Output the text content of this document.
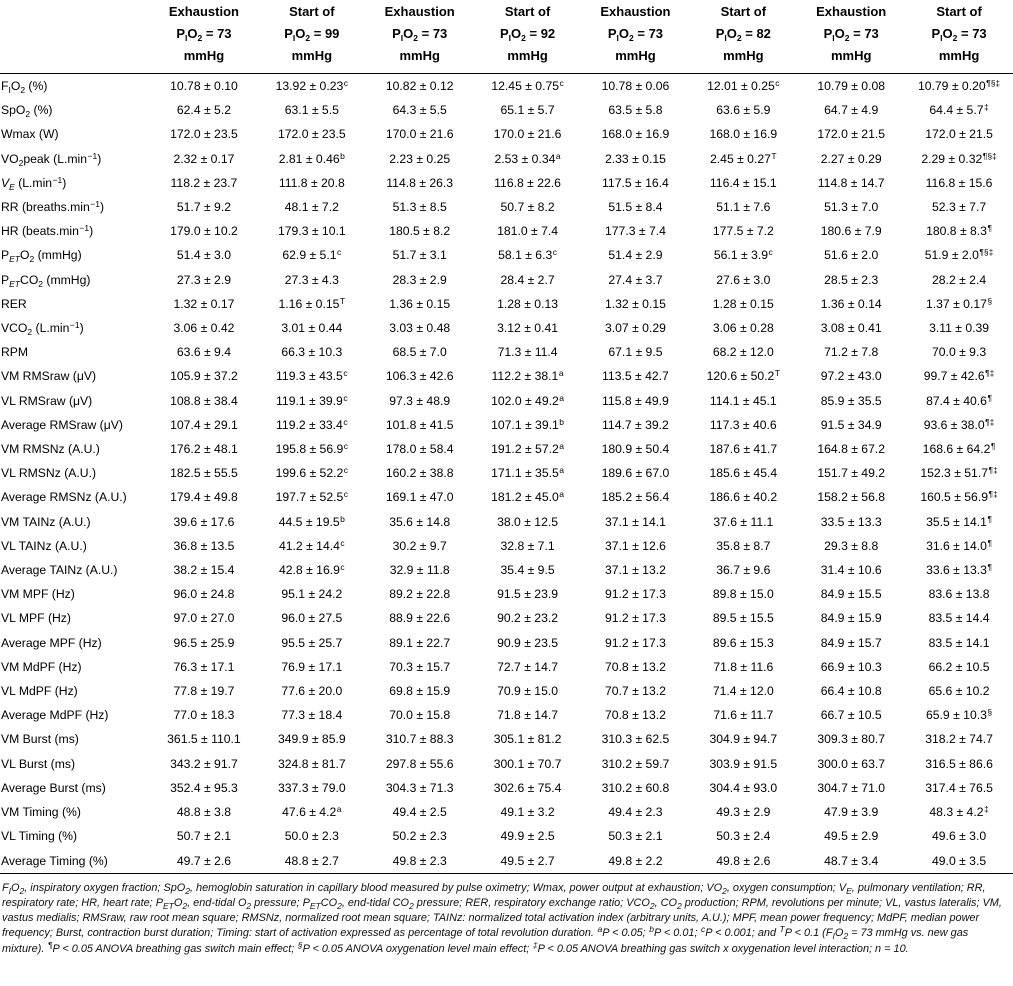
	Exhaustion
$P_IO_2 = 73$
mmHg	Start of
$P_IO_2 = 99$
mmHg	Exhaustion
$P_IO_2 = 73$
mmHg	Start of
$P_IO_2 = 92$
mmHg	Exhaustion
$P_IO_2 = 73$
mmHg	Start of
$P_IO_2 = 82$
mmHg	Exhaustion
$P_IO_2 = 73$
mmHg	Start of
$P_IO_2 = 73$
mmHg

$F_IO_2$ (%)	10.78 ± 0.10	13.92 ± 0.23$^c$	10.82 ± 0.12	12.45 ± 0.75$^c$	10.78 ± 0.06	12.01 ± 0.25$^c$	10.79 ± 0.08	10.79 ± 0.20¶§‡
SpO$_2$ (%)	62.4 ± 5.2	63.1 ± 5.5	64.3 ± 5.5	65.1 ± 5.7	63.5 ± 5.8	63.6 ± 5.9	64.7 ± 4.9	64.4 ± 5.7‡
Wmax (W)	172.0 ± 23.5	172.0 ± 23.5	170.0 ± 21.6	170.0 ± 21.6	168.0 ± 16.9	168.0 ± 16.9	172.0 ± 21.5	172.0 ± 21.5
$VO_2peak$ $(L.\min^{-1})$	2.32 ± 0.17	2.81 ± 0.46$^b$	2.23 ± 0.25	2.53 ± 0.34$^a$	2.33 ± 0.15	$2.45 \pm 0.27^T$	2.27 ± 0.29	2.29 ± 0.32¶§‡
$V_E$ $(L.\min^{-1})$	118.2 ± 23.7	111.8 ± 20.8	114.8 ± 26.3	116.8 ± 22.6	117.5 ± 16.4	116.4 ± 15.1	114.8 ± 14.7	116.8 ± 15.6
RR $(breaths.\min^{-1})$	51.7 ± 9.2	48.1 ± 7.2	51.3 ± 8.5	50.7 ± 8.2	51.5 ± 8.4	51.1 ± 7.6	51.3 ± 7.0	52.3 ± 7.7
HR $(beats.\min^{-1})$	179.0 ± 10.2	179.3 ± 10.1	180.5 ± 8.2	181.0 ± 7.4	177.3 ± 7.4	177.5 ± 7.2	180.6 ± 7.9	180.8 ± 8.3¶
$P_{ET}O_2$ (mmHg)	51.4 ± 3.0	62.9 ± 5.1$^c$	51.7 ± 3.1	58.1 ± 6.3$^c$	51.4 ± 2.9	56.1 ± 3.9$^c$	51.6 ± 2.0	51.9 ± 2.0¶§‡
$P_{ET}CO_2$ (mmHg)	27.3 ± 2.9	27.3 ± 4.3	28.3 ± 2.9	28.4 ± 2.7	27.4 ± 3.7	27.6 ± 3.0	28.5 ± 2.3	28.2 ± 2.4
RER	1.32 ± 0.17	$1.16 \pm 0.15^T$	1.36 ± 0.15	1.28 ± 0.13	1.32 ± 0.15	1.28 ± 0.15	1.36 ± 0.14	1.37 ± 0.17§
$VCO_2$ $(L.\min^{-1})$	3.06 ± 0.42	3.01 ± 0.44	3.03 ± 0.48	3.12 ± 0.41	3.07 ± 0.29	3.06 ± 0.28	3.08 ± 0.41	3.11 ± 0.39
RPM	63.6 ± 9.4	66.3 ± 10.3	68.5 ± 7.0	71.3 ± 11.4	67.1 ± 9.5	68.2 ± 12.0	71.2 ± 7.8	70.0 ± 9.3
VM RMSraw (μV)	105.9 ± 37.2	119.3 ± 43.5$^c$	106.3 ± 42.6	112.2 ± 38.1$^a$	113.5 ± 42.7	$120.6 \pm 50.2^T$	97.2 ± 43.0	99.7 ± 42.6¶‡
VL RMSraw (μV)	108.8 ± 38.4	119.1 ± 39.9$^c$	97.3 ± 48.9	102.0 ± 49.2$^a$	115.8 ± 49.9	114.1 ± 45.1	85.9 ± 35.5	87.4 ± 40.6¶
Average RMSraw (μV)	107.4 ± 29.1	119.2 ± 33.4$^c$	101.8 ± 41.5	107.1 ± 39.1$^b$	114.7 ± 39.2	117.3 ± 40.6	91.5 ± 34.9	93.6 ± 38.0¶‡
VM RMSNz (A.U.)	176.2 ± 48.1	195.8 ± 56.9$^c$	178.0 ± 58.4	191.2 ± 57.2$^a$	180.9 ± 50.4	187.6 ± 41.7	164.8 ± 67.2	168.6 ± 64.2¶
VL RMSNz (A.U.)	182.5 ± 55.5	199.6 ± 52.2$^c$	160.2 ± 38.8	171.1 ± 35.5$^a$	189.6 ± 67.0	185.6 ± 45.4	151.7 ± 49.2	152.3 ± 51.7¶‡
Average RMSNz (A.U.)	179.4 ± 49.8	197.7 ± 52.5$^c$	169.1 ± 47.0	181.2 ± 45.0$^a$	185.2 ± 56.4	186.6 ± 40.2	158.2 ± 56.8	160.5 ± 56.9¶‡
VM TAINz (A.U.)	39.6 ± 17.6	44.5 ± 19.5$^b$	35.6 ± 14.8	38.0 ± 12.5	37.1 ± 14.1	37.6 ± 11.1	33.5 ± 13.3	35.5 ± 14.1¶
VL TAINz (A.U.)	36.8 ± 13.5	41.2 ± 14.4$^c$	30.2 ± 9.7	32.8 ± 7.1	37.1 ± 12.6	35.8 ± 8.7	29.3 ± 8.8	31.6 ± 14.0¶
Average TAINz (A.U.)	38.2 ± 15.4	42.8 ± 16.9$^c$	32.9 ± 11.8	35.4 ± 9.5	37.1 ± 13.2	36.7 ± 9.6	31.4 ± 10.6	33.6 ± 13.3¶
VM MPF (Hz)	96.0 ± 24.8	95.1 ± 24.2	89.2 ± 22.8	91.5 ± 23.9	91.2 ± 17.3	89.8 ± 15.0	84.9 ± 15.5	83.6 ± 13.8
VL MPF (Hz)	97.0 ± 27.0	96.0 ± 27.5	88.9 ± 22.6	90.2 ± 23.2	91.2 ± 17.3	89.5 ± 15.5	84.9 ± 15.9	83.5 ± 14.4
Average MPF (Hz)	96.5 ± 25.9	95.5 ± 25.7	89.1 ± 22.7	90.9 ± 23.5	91.2 ± 17.3	89.6 ± 15.3	84.9 ± 15.7	83.5 ± 14.1
VM MdPF (Hz)	76.3 ± 17.1	76.9 ± 17.1	70.3 ± 15.7	72.7 ± 14.7	70.8 ± 13.2	71.8 ± 11.6	66.9 ± 10.3	66.2 ± 10.5
VL MdPF (Hz)	77.8 ± 19.7	77.6 ± 20.0	69.8 ± 15.9	70.9 ± 15.0	70.7 ± 13.2	71.4 ± 12.0	66.4 ± 10.8	65.6 ± 10.2
Average MdPF (Hz)	77.0 ± 18.3	77.3 ± 18.4	70.0 ± 15.8	71.8 ± 14.7	70.8 ± 13.2	71.6 ± 11.7	66.7 ± 10.5	65.9 ± 10.3§
VM Burst (ms)	361.5 ± 110.1	349.9 ± 85.9	310.7 ± 88.3	305.1 ± 81.2	310.3 ± 62.5	304.9 ± 94.7	309.3 ± 80.7	318.2 ± 74.7
VL Burst (ms)	343.2 ± 91.7	324.8 ± 81.7	297.8 ± 55.6	300.1 ± 70.7	310.2 ± 59.7	303.9 ± 91.5	300.0 ± 63.7	316.5 ± 86.6
Average Burst (ms)	352.4 ± 95.3	337.3 ± 79.0	304.3 ± 71.3	302.6 ± 75.4	310.2 ± 60.8	304.4 ± 93.0	304.7 ± 71.0	317.4 ± 76.5
VM Timing (%)	48.8 ± 3.8	47.6 ± 4.2$^a$	49.4 ± 2.5	49.1 ± 3.2	49.4 ± 2.3	49.3 ± 2.9	47.9 ± 3.9	48.3 ± 4.2‡
VL Timing (%)	50.7 ± 2.1	50.0 ± 2.3	50.2 ± 2.3	49.9 ± 2.5	50.3 ± 2.1	50.3 ± 2.4	49.5 ± 2.9	49.6 ± 3.0
Average Timing (%)	49.7 ± 2.6	48.8 ± 2.7	49.8 ± 2.3	49.5 ± 2.7	49.8 ± 2.2	49.8 ± 2.6	48.7 ± 3.4	49.0 ± 3.5

$F_IO_2$, inspiratory oxygen fraction; SpO$_2$, hemoglobin saturation in capillary blood measured by pulse oximetry; Wmax, power output at exhaustion; $VO_2$, oxygen consumption; $V_E$, pulmonary ventilation; RR, respiratory rate; HR, heart rate; $P_{ET}O_2$, end-tidal $O_2$ pressure; $P_{ET}CO_2$, end-tidal $CO_2$ pressure; RER, respiratory exchange ratio; $VCO_2$, $CO_2$ production; RPM, revolutions per minute; VL, vastus lateralis; VM, vastus medialis; RMSraw, raw root mean square; RMSNz, normalized root mean square; TAINz: normalized total activation index (arbitrary units, A.U.); MPF, mean power frequency; MdPF, median power frequency; Burst, contraction burst duration; Timing: start of activation expressed as percentage of total revolution duration. $^a$P < 0.05; $^b$P < 0.01; $^c$P < 0.001; and $^T$P < 0.1 ($F_IO_2 = 73$ mmHg vs. new gas mixture). ¶P < 0.05 ANOVA breathing gas switch main effect; §P < 0.05 ANOVA oxygenation level main effect; ‡P < 0.05 ANOVA breathing gas switch x oxygenation level interaction; n = 10.
